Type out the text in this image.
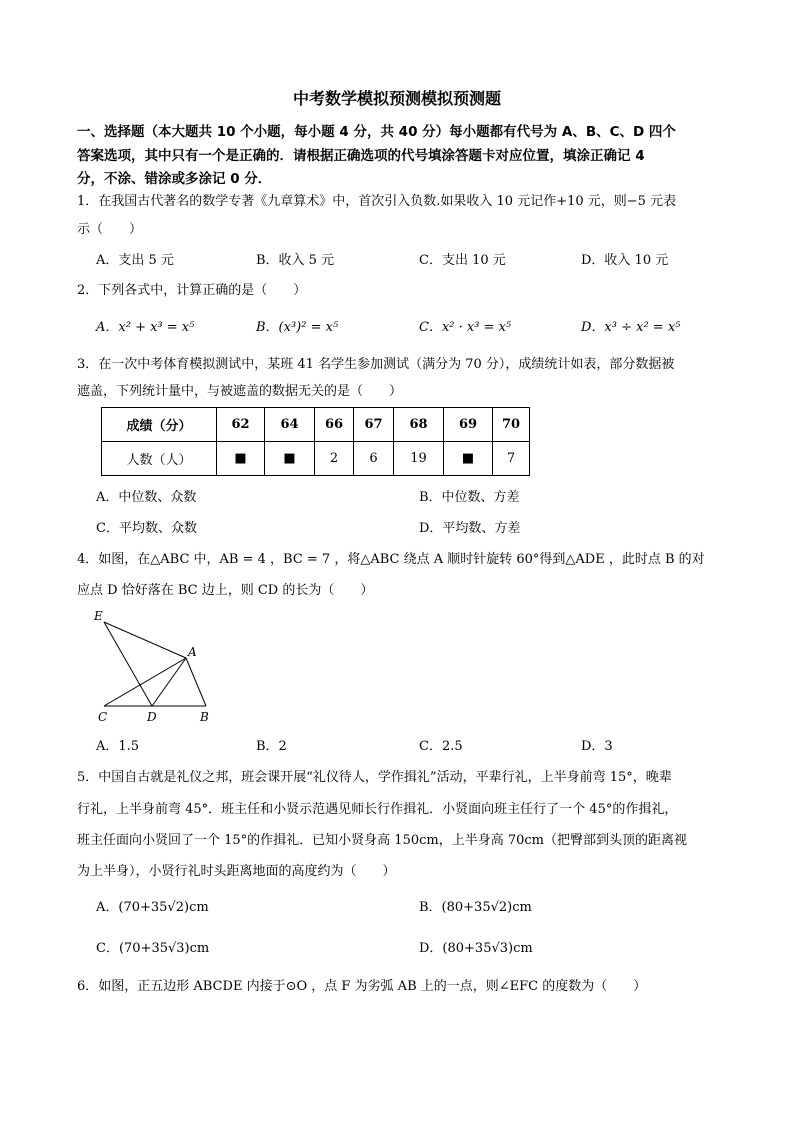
中考数学模拟预测模拟预测题
一、选择题（本大题共 10 个小题，每小题 4 分，共 40 分）每小题都有代号为 A、B、C、D 四个
答案选项，其中只有一个是正确的．请根据正确选项的代号填涂答题卡对应位置，填涂正确记 4
分，不涂、错涂或多涂记 0 分．
1．在我国古代著名的数学专著《九章算术》中，首次引入负数.如果收入 10 元记作+10 元，则−5 元表
示（　　）
A．支出 5 元	B．收入 5 元	C．支出 10 元	D．收入 10 元
2．下列各式中，计算正确的是（　　）
A．x² + x³ = x⁵	B．(x³)² = x⁵	C．x² · x³ = x⁵	D．x³ ÷ x² = x⁵
3．在一次中考体育模拟测试中，某班 41 名学生参加测试（满分为 70 分），成绩统计如表，部分数据被
遮盖，下列统计量中，与被遮盖的数据无关的是（　　）
成绩（分）	62	64	66	67	68	69	70
人数（人）	■	■	2	6	19	■	7
A．中位数、众数	B．中位数、方差
C．平均数、众数	D．平均数、方差
4．如图，在△ABC 中，AB = 4 ，BC = 7 ，将△ABC 绕点 A 顺时针旋转 60°得到△ADE ，此时点 B 的对
应点 D 恰好落在 BC 边上，则 CD 的长为（　　）
E
A
C	D	B
A．1.5	B．2	C．2.5	D．3
5．中国自古就是礼仪之邦，班会课开展“礼仪待人，学作揖礼”活动，平辈行礼，上半身前弯 15°，晚辈
行礼，上半身前弯 45°．班主任和小贤示范遇见师长行作揖礼．小贤面向班主任行了一个 45°的作揖礼，
班主任面向小贤回了一个 15°的作揖礼．已知小贤身高 150cm，上半身高 70cm（把臀部到头顶的距离视
为上半身），小贤行礼时头距离地面的高度约为（　　）
A．(70+35√2)cm	B．(80+35√2)cm
C．(70+35√3)cm	D．(80+35√3)cm
6．如图，正五边形 ABCDE 内接于⊙O ，点 F 为劣弧 AB 上的一点，则∠EFC 的度数为（　　）
